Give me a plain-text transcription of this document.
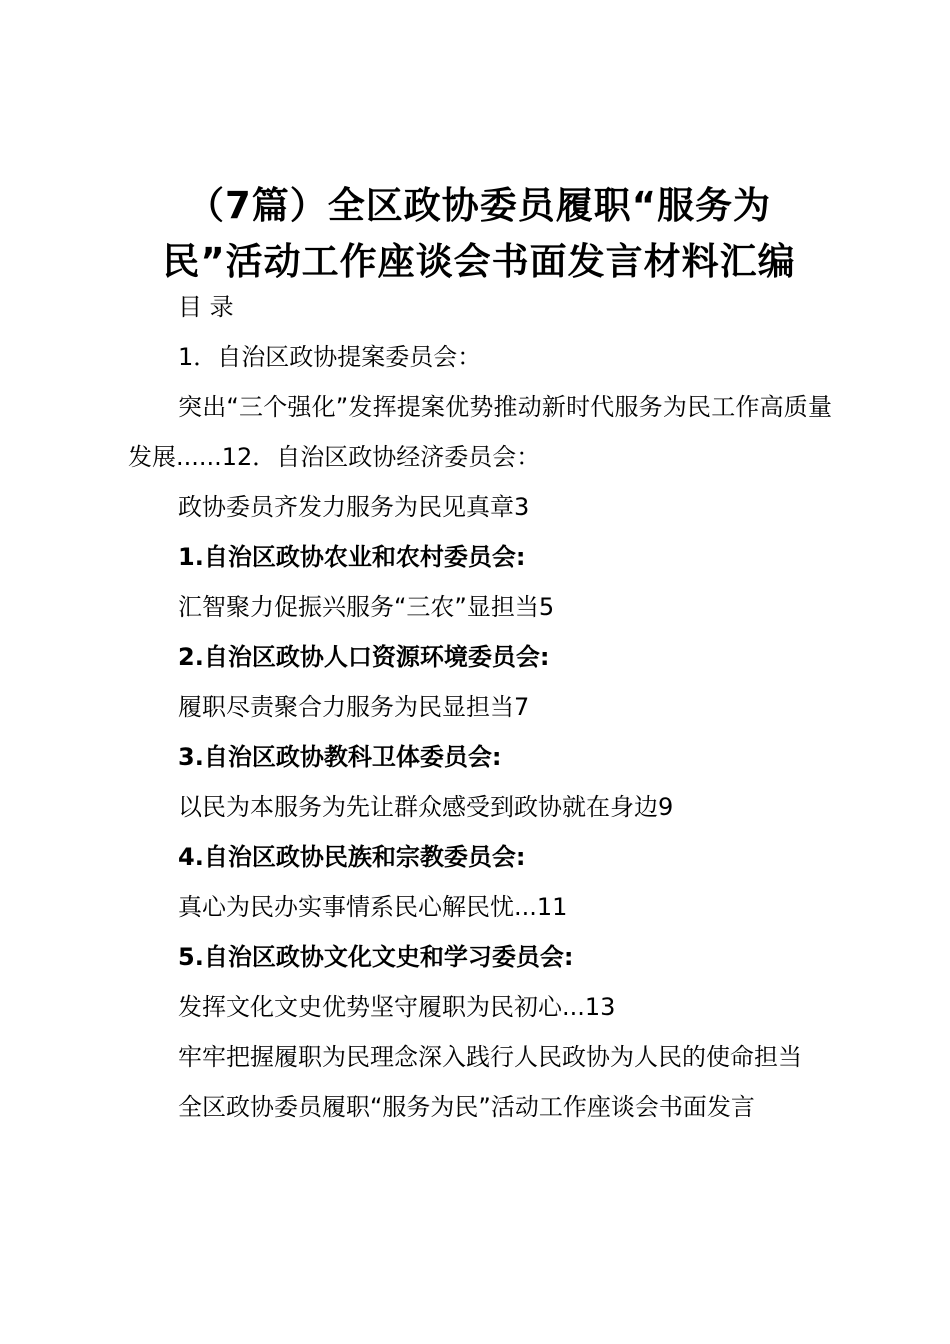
（7篇）全区政协委员履职“服务为
民”活动工作座谈会书面发言材料汇编

目 录

1．自治区政协提案委员会：

突出“三个强化”发挥提案优势推动新时代服务为民工作高质量发展......12．自治区政协经济委员会：

政协委员齐发力服务为民见真章3

1.自治区政协农业和农村委员会:

汇智聚力促振兴服务“三农”显担当5

2.自治区政协人口资源环境委员会:

履职尽责聚合力服务为民显担当7

3.自治区政协教科卫体委员会:

以民为本服务为先让群众感受到政协就在身边9

4.自治区政协民族和宗教委员会:

真心为民办实事情系民心解民忧...11

5.自治区政协文化文史和学习委员会:

发挥文化文史优势坚守履职为民初心...13

牢牢把握履职为民理念深入践行人民政协为人民的使命担当

全区政协委员履职“服务为民”活动工作座谈会书面发言
